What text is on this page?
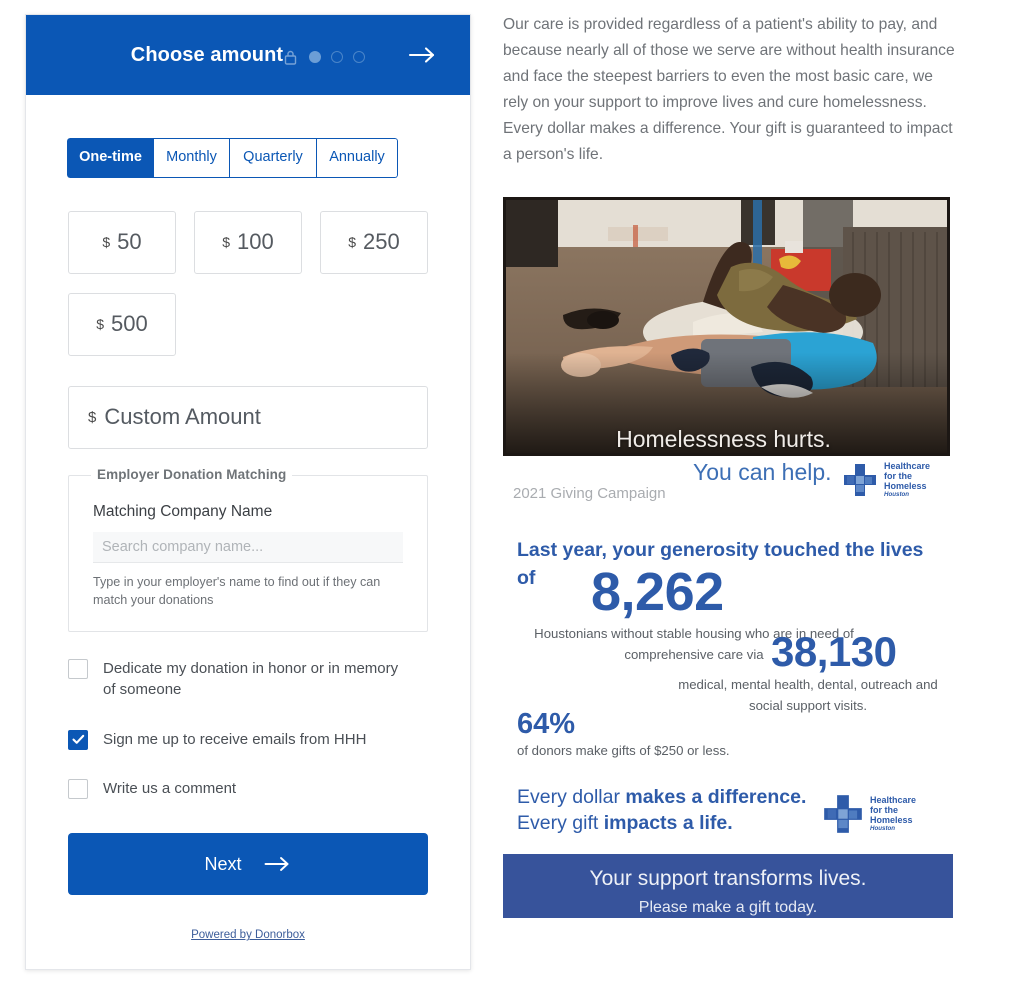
Choose amount
One-time	Monthly	Quarterly	Annually
$ 50	$ 100	$ 250
$ 500
$ Custom Amount
Employer Donation Matching
Matching Company Name
Search company name...
Type in your employer's name to find out if they can match your donations
Dedicate my donation in honor or in memory of someone
Sign me up to receive emails from HHH
Write us a comment
Next
Powered by Donorbox

Our care is provided regardless of a patient's ability to pay, and because nearly all of those we serve are without health insurance and face the steepest barriers to even the most basic care, we rely on your support to improve lives and cure homelessness. Every dollar makes a difference. Your gift is guaranteed to impact a person's life.

Homelessness hurts.
You can help.	Healthcare
for the
Homeless
Houston
2021 Giving Campaign
Last year, your generosity touched the lives of	8,262
Houstonians without stable housing who are in need of comprehensive care via 38,130
medical, mental health, dental, outreach and social support visits.
64%
of donors make gifts of $250 or less.
Every dollar makes a difference.
Every gift impacts a life.
Healthcare
for the
Homeless
Houston
Your support transforms lives.
Please make a gift today.
